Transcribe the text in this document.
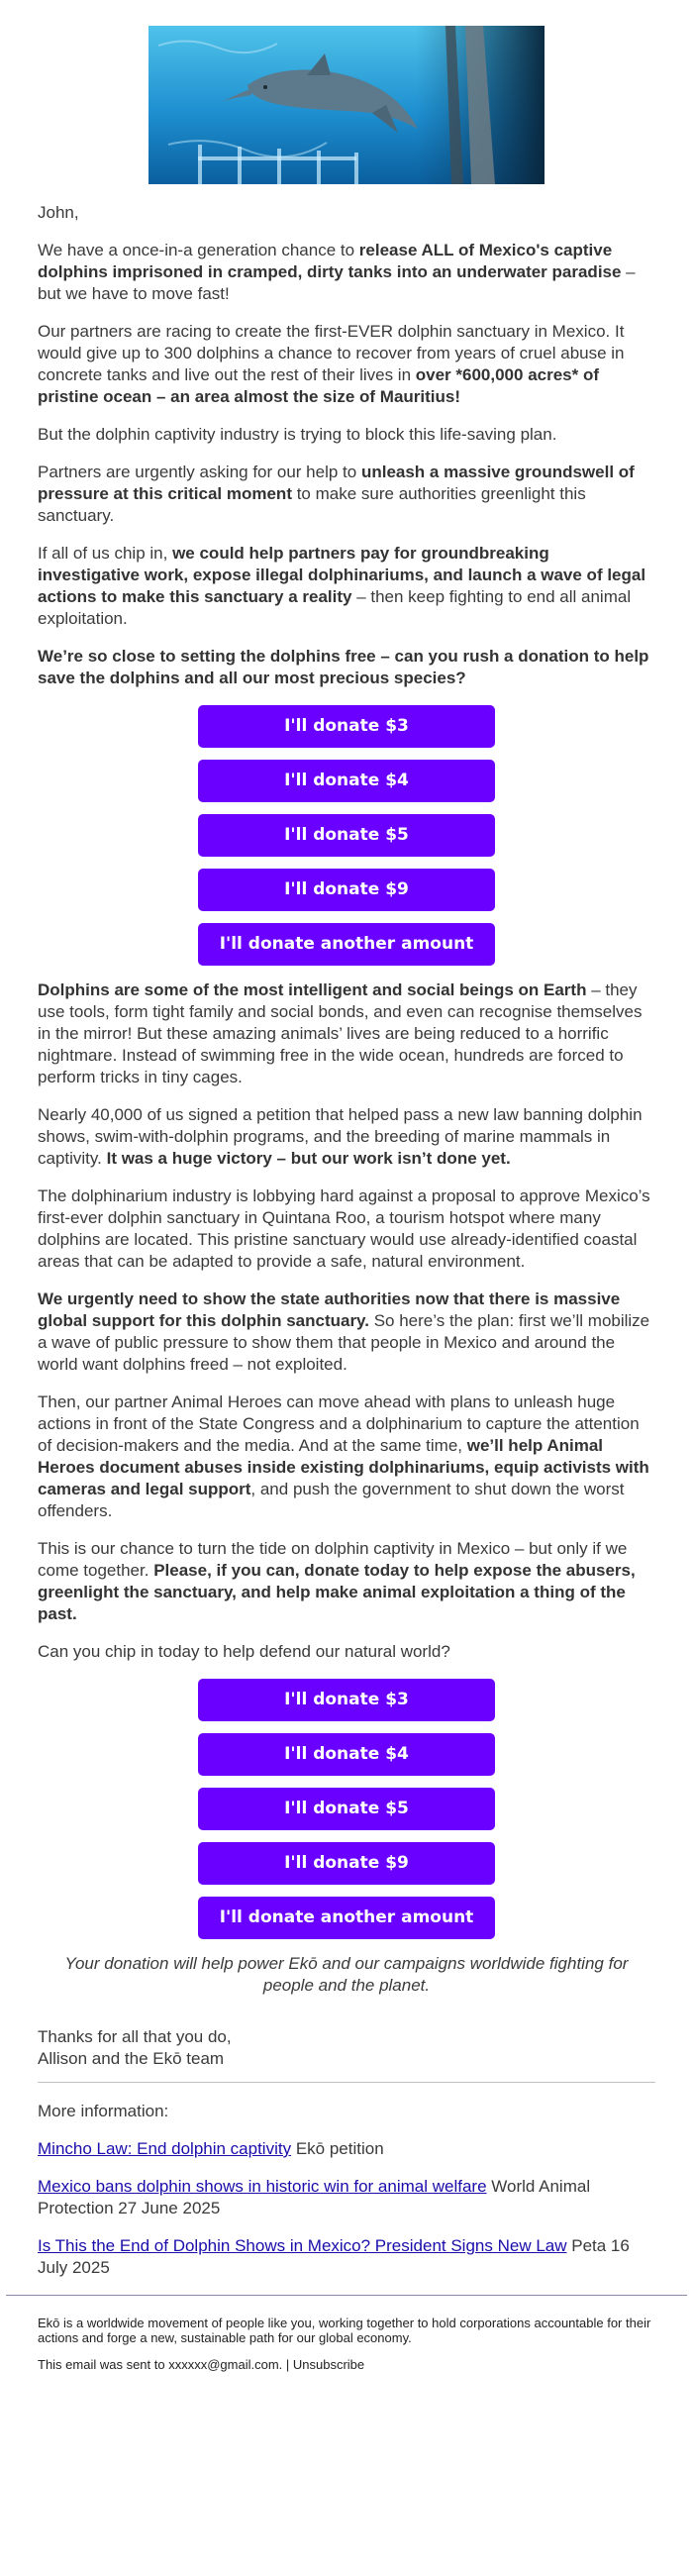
John,

We have a once-in-a generation chance to release ALL of Mexico's captive dolphins imprisoned in cramped, dirty tanks into an underwater paradise – but we have to move fast!

Our partners are racing to create the first-EVER dolphin sanctuary in Mexico. It would give up to 300 dolphins a chance to recover from years of cruel abuse in concrete tanks and live out the rest of their lives in over *600,000 acres* of pristine ocean – an area almost the size of Mauritius!

But the dolphin captivity industry is trying to block this life-saving plan.

Partners are urgently asking for our help to unleash a massive groundswell of pressure at this critical moment to make sure authorities greenlight this sanctuary.

If all of us chip in, we could help partners pay for groundbreaking investigative work, expose illegal dolphinariums, and launch a wave of legal actions to make this sanctuary a reality – then keep fighting to end all animal exploitation.

We’re so close to setting the dolphins free – can you rush a donation to help save the dolphins and all our most precious species?

I'll donate $3
I'll donate $4
I'll donate $5
I'll donate $9
I'll donate another amount

Dolphins are some of the most intelligent and social beings on Earth – they use tools, form tight family and social bonds, and even can recognise themselves in the mirror! But these amazing animals’ lives are being reduced to a horrific nightmare. Instead of swimming free in the wide ocean, hundreds are forced to perform tricks in tiny cages.

Nearly 40,000 of us signed a petition that helped pass a new law banning dolphin shows, swim-with-dolphin programs, and the breeding of marine mammals in captivity. It was a huge victory – but our work isn’t done yet.

The dolphinarium industry is lobbying hard against a proposal to approve Mexico’s first-ever dolphin sanctuary in Quintana Roo, a tourism hotspot where many dolphins are located. This pristine sanctuary would use already-identified coastal areas that can be adapted to provide a safe, natural environment.

We urgently need to show the state authorities now that there is massive global support for this dolphin sanctuary. So here’s the plan: first we’ll mobilize a wave of public pressure to show them that people in Mexico and around the world want dolphins freed – not exploited.

Then, our partner Animal Heroes can move ahead with plans to unleash huge actions in front of the State Congress and a dolphinarium to capture the attention of decision-makers and the media. And at the same time, we’ll help Animal Heroes document abuses inside existing dolphinariums, equip activists with cameras and legal support, and push the government to shut down the worst offenders.

This is our chance to turn the tide on dolphin captivity in Mexico – but only if we come together. Please, if you can, donate today to help expose the abusers, greenlight the sanctuary, and help make animal exploitation a thing of the past.

Can you chip in today to help defend our natural world?

I'll donate $3
I'll donate $4
I'll donate $5
I'll donate $9
I'll donate another amount

Your donation will help power Ekō and our campaigns worldwide fighting for people and the planet.

Thanks for all that you do,
Allison and the Ekō team

More information:

Mincho Law: End dolphin captivity Ekō petition

Mexico bans dolphin shows in historic win for animal welfare World Animal Protection 27 June 2025

Is This the End of Dolphin Shows in Mexico? President Signs New Law Peta 16 July 2025

Ekō is a worldwide movement of people like you, working together to hold corporations accountable for their actions and forge a new, sustainable path for our global economy.

This email was sent to xxxxxx@gmail.com. | Unsubscribe
